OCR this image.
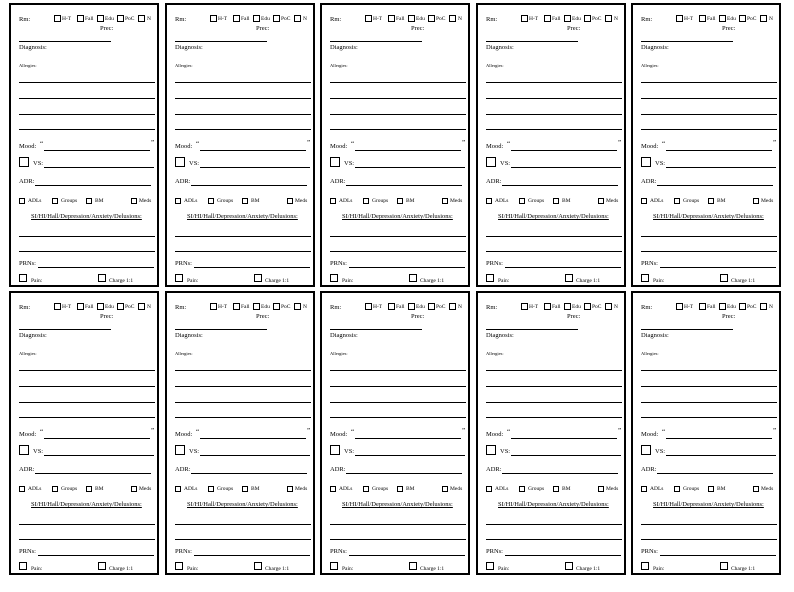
Rm:	H-T	Fall Edu PoC N
Prec:
Diagnosis:
Allergies:
Mood: “	”
VS:
ADR:
ADLs	Groups	BM	Meds
SI/HI/Hall/Depression/Anxiety/Delusions:
PRNs:
Pain:	Charge 1:1
Rm:	H-T	Fall Edu PoC N
Prec:
Diagnosis:
Allergies:
Mood: “	”
VS:
ADR:
ADLs	Groups	BM	Meds
SI/HI/Hall/Depression/Anxiety/Delusions:
PRNs:
Pain:	Charge 1:1
Rm:	H-T	Fall Edu PoC N
Prec:
Diagnosis:
Allergies:
Mood: “	”
VS:
ADR:
ADLs	Groups	BM	Meds
SI/HI/Hall/Depression/Anxiety/Delusions:
PRNs:
Pain:	Charge 1:1
Rm:	H-T	Fall Edu PoC N
Prec:
Diagnosis:
Allergies:
Mood: “	”
VS:
ADR:
ADLs	Groups	BM	Meds
SI/HI/Hall/Depression/Anxiety/Delusions:
PRNs:
Pain:	Charge 1:1
Rm:	H-T	Fall Edu PoC N
Prec:
Diagnosis:
Allergies:
Mood: “	”
VS:
ADR:
ADLs	Groups	BM	Meds
SI/HI/Hall/Depression/Anxiety/Delusions:
PRNs:
Pain:	Charge 1:1
Rm:	H-T	Fall Edu PoC N
Prec:
Diagnosis:
Allergies:
Mood: “	”
VS:
ADR:
ADLs	Groups	BM	Meds
SI/HI/Hall/Depression/Anxiety/Delusions:
PRNs:
Pain:	Charge 1:1
Rm:	H-T	Fall Edu PoC N
Prec:
Diagnosis:
Allergies:
Mood: “	”
VS:
ADR:
ADLs	Groups	BM	Meds
SI/HI/Hall/Depression/Anxiety/Delusions:
PRNs:
Pain:	Charge 1:1
Rm:	H-T	Fall Edu PoC N
Prec:
Diagnosis:
Allergies:
Mood: “	”
VS:
ADR:
ADLs	Groups	BM	Meds
SI/HI/Hall/Depression/Anxiety/Delusions:
PRNs:
Pain:	Charge 1:1
Rm:	H-T	Fall Edu PoC N
Prec:
Diagnosis:
Allergies:
Mood: “	”
VS:
ADR:
ADLs	Groups	BM	Meds
SI/HI/Hall/Depression/Anxiety/Delusions:
PRNs:
Pain:	Charge 1:1
Rm:	H-T	Fall Edu PoC N
Prec:
Diagnosis:
Allergies:
Mood: “	”
VS:
ADR:
ADLs	Groups	BM	Meds
SI/HI/Hall/Depression/Anxiety/Delusions:
PRNs:
Pain:	Charge 1:1
